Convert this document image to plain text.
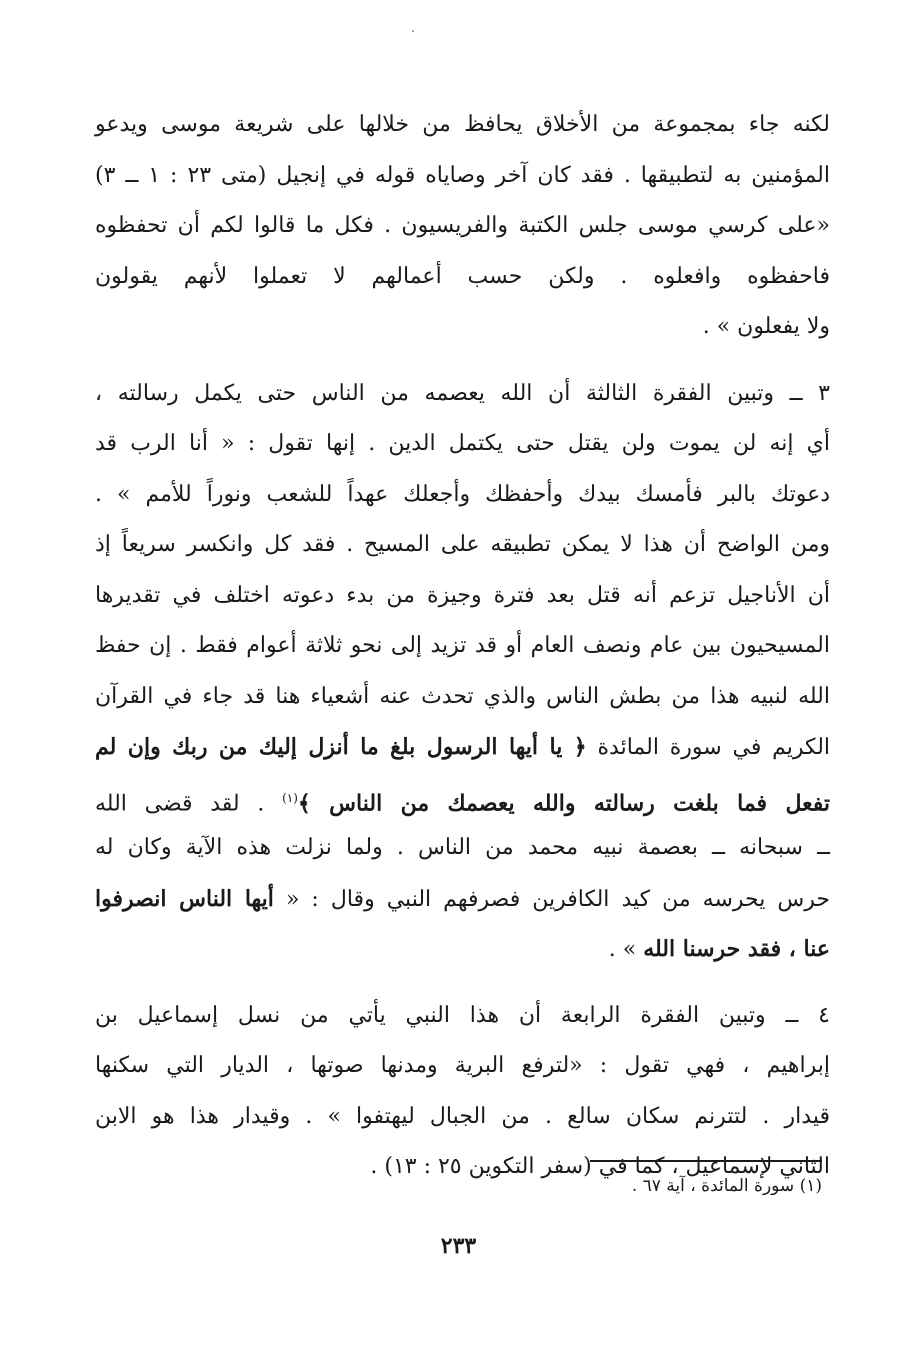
لكنه جاء بمجموعة من الأخلاق يحافظ من خلالها على شريعة موسى ويدعو
المؤمنين به لتطبيقها . فقد كان آخر وصاياه قوله في إنجيل (متى ٢٣ : ١ ــ ٣)
«على كرسي موسى جلس الكتبة والفريسيون . فكل ما قالوا لكم أن تحفظوه
فاحفظوه وافعلوه . ولكن حسب أعمالهم لا تعملوا لأنهم يقولون
ولا يفعلون » .
٣ ــ وتبين الفقرة الثالثة أن الله يعصمه من الناس حتى يكمل رسالته ،
أي إنه لن يموت ولن يقتل حتى يكتمل الدين . إنها تقول : « أنا الرب قد
دعوتك بالبر فأمسك بيدك وأحفظك وأجعلك عهداً للشعب ونوراً للأمم » .
ومن الواضح أن هذا لا يمكن تطبيقه على المسيح . فقد كل وانكسر سريعاً إذ
أن الأناجيل تزعم أنه قتل بعد فترة وجيزة من بدء دعوته اختلف في تقديرها
المسيحيون بين عام ونصف العام أو قد تزيد إلى نحو ثلاثة أعوام فقط . إن حفظ
الله لنبيه هذا من بطش الناس والذي تحدث عنه أشعياء هنا قد جاء في القرآن
الكريم في سورة المائدة ﴿ يا أيها الرسول بلغ ما أنزل إليك من ربك وإن لم
تفعل فما بلغت رسالته والله يعصمك من الناس ﴾$^{(١)}$ . لقد قضى الله
ــ سبحانه ــ بعصمة نبيه محمد من الناس . ولما نزلت هذه الآية وكان له
حرس يحرسه من كيد الكافرين فصرفهم النبي وقال : « أيها الناس انصرفوا
عنا ، فقد حرسنا الله » .
٤ ــ وتبين الفقرة الرابعة أن هذا النبي يأتي من نسل إسماعيل بن
إبراهيم ، فهي تقول : «لترفع البرية ومدنها صوتها ، الديار التي سكنها
قيدار . لتترنم سكان سالع . من الجبال ليهتفوا » . وقيدار هذا هو الابن
الثاني لإسماعيل ، كما في (سفر التكوين ٢٥ : ١٣) .
(١) سورة المائدة ، آية ٦٧ .
٢٣٣
